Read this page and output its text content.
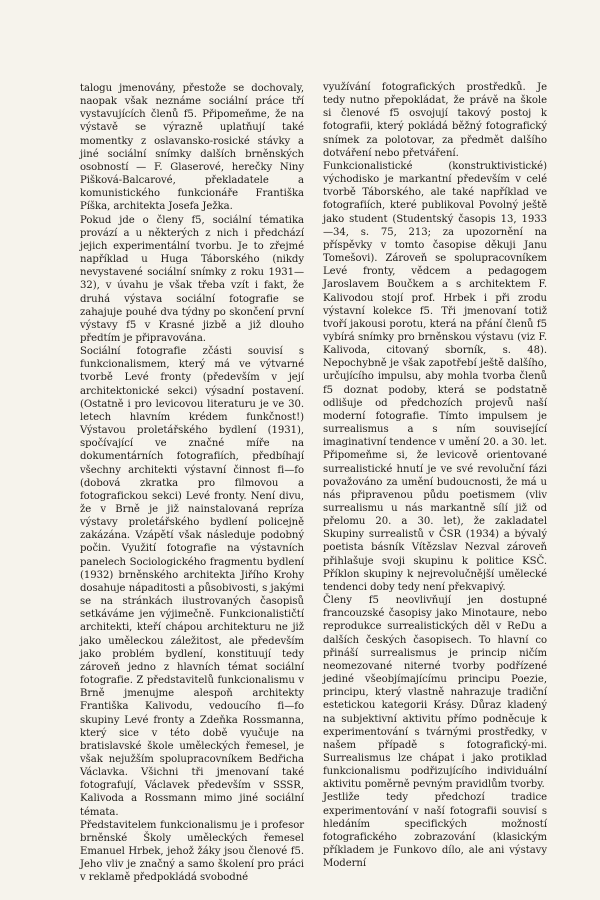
talogu jmenovány, přestože se dochovaly, naopak však neznáme sociální práce tří vystavujících členů f5. Připomeňme, že na výstavě se výrazně uplatňují také momentky z oslavansko-rosické stávky a jiné sociální snímky dalších brněnských osobností — F. Glaserové, herečky Niny Pišková-Balcarové, překladatele a komunistického funkcionáře Františka Píška, architekta Josefa Ježka.

Pokud jde o členy f5, sociální tématika provází a u některých z nich i předchází jejich experimentální tvorbu. Je to zřejmé například u Huga Táborského (nikdy nevystavené sociální snímky z roku 1931—32), v úvahu je však třeba vzít i fakt, že druhá výstava sociální fotografie se zahajuje pouhé dva týdny po skončení první výstavy f5 v Krasné jizbě a již dlouho předtím je připravována.

Sociální fotografie zčásti souvisí s funkcionalismem, který má ve výtvarné tvorbě Levé fronty (především v její architektonické sekci) výsadní postavení. (Ostatně i pro levicovou literaturu je ve 30. letech hlavním krédem funkčnost!) Výstavou proletářského bydlení (1931), spočívající ve značné míře na dokumentárních fotografiích, předbíhají všechny architekti výstavní činnost fi—fo (dobová zkratka pro filmovou a fotografickou sekci) Levé fronty. Není divu, že v Brně je již nainstalovaná repríza výstavy proletářského bydlení policejně zakázána. Vzápětí však následuje podobný počin. Využití fotografie na výstavních panelech Sociologického fragmentu bydlení (1932) brněnského architekta Jiřího Krohy dosahuje nápaditosti a působivosti, s jakými se na stránkách ilustrovaných časopisů setkáváme jen výjimečně. Funkcionalističtí architekti, kteří chápou architekturu ne již jako uměleckou záležitost, ale především jako problém bydlení, konstituují tedy zároveň jedno z hlavních témat sociální fotografie. Z představitelů funkcionalismu v Brně jmenujme alespoň architekty Františka Kalivodu, vedoucího fi—fo skupiny Levé fronty a Zdeňka Rossmanna, který sice v této době vyučuje na bratislavské škole uměleckých řemesel, je však nejužším spolupracovníkem Bedřicha Václavka. Všichni tři jmenovaní také fotografují, Václavek především v SSSR, Kalivoda a Rossmann mimo jiné sociální témata.

Představitelem funkcionalismu je i profesor brněnské Školy uměleckých řemesel Emanuel Hrbek, jehož žáky jsou členové f5. Jeho vliv je značný a samo školení pro práci v reklamě předpokládá svobodné

využívání fotografických prostředků. Je tedy nutno přepokládat, že právě na škole si členové f5 osvojují takový postoj k fotografii, který pokládá běžný fotografický snímek za polotovar, za předmět dalšího dotváření nebo přetváření.

Funkcionalistické (konstruktivistické) východisko je markantní především v celé tvorbě Táborského, ale také například ve fotografiích, které publikoval Povolný ještě jako student (Studentský časopis 13, 1933—34, s. 75, 213; za upozornění na příspěvky v tomto časopise děkuji Janu Tomešovi). Zároveň se spolupracovníkem Levé fronty, vědcem a pedagogem Jaroslavem Boučkem a s architektem F. Kalivodou stojí prof. Hrbek i při zrodu výstavní kolekce f5. Tři jmenovaní totiž tvoří jakousi porotu, která na přání členů f5 vybírá snímky pro brněnskou výstavu (viz F. Kalivoda, citovaný sborník, s. 48). Nepochybně je však zapotřebí ještě dalšího, určujícího impulsu, aby mohla tvorba členů f5 doznat podoby, která se podstatně odlišuje od předchozích projevů naší moderní fotografie. Tímto impulsem je surrealismus a s ním související imaginativní tendence v umění 20. a 30. let. Připomeňme si, že levicově orientované surrealistické hnutí je ve své revoluční fázi považováno za umění budoucnosti, že má u nás připravenou půdu poetismem (vliv surrealismu u nás markantně sílí již od přelomu 20. a 30. let), že zakladatel Skupiny surrealistů v ČSR (1934) a bývalý poetista básník Vítězslav Nezval zároveň přihlašuje svoji skupinu k politice KSČ. Příklon skupiny k nejrevolučnější umělecké tendenci doby tedy není překvapivý.

Členy f5 neovlivňují jen dostupné francouzské časopisy jako Minotaure, nebo reprodukce surrealistických děl v ReDu a dalších českých časopisech. To hlavní co přináší surrealismus je princip ničím neomezované niterné tvorby podřízené jediné všeobjímajícímu principu Poezie, principu, který vlastně nahrazuje tradiční estetickou kategorii Krásy. Důraz kladený na subjektivní aktivitu přímo podněcuje k experimentování s tvárnými prostředky, v našem případě s fotografický-mi. Surrealismus lze chápat i jako protiklad funkcionalismu podřizujícího individuální aktivitu poměrně pevným pravidlům tvorby.

Jestliže tedy předchozí tradice experimentování v naší fotografii souvisí s hledáním specifických možností fotografického zobrazování (klasickým příkladem je Funkovo dílo, ale ani výstavy Moderní
